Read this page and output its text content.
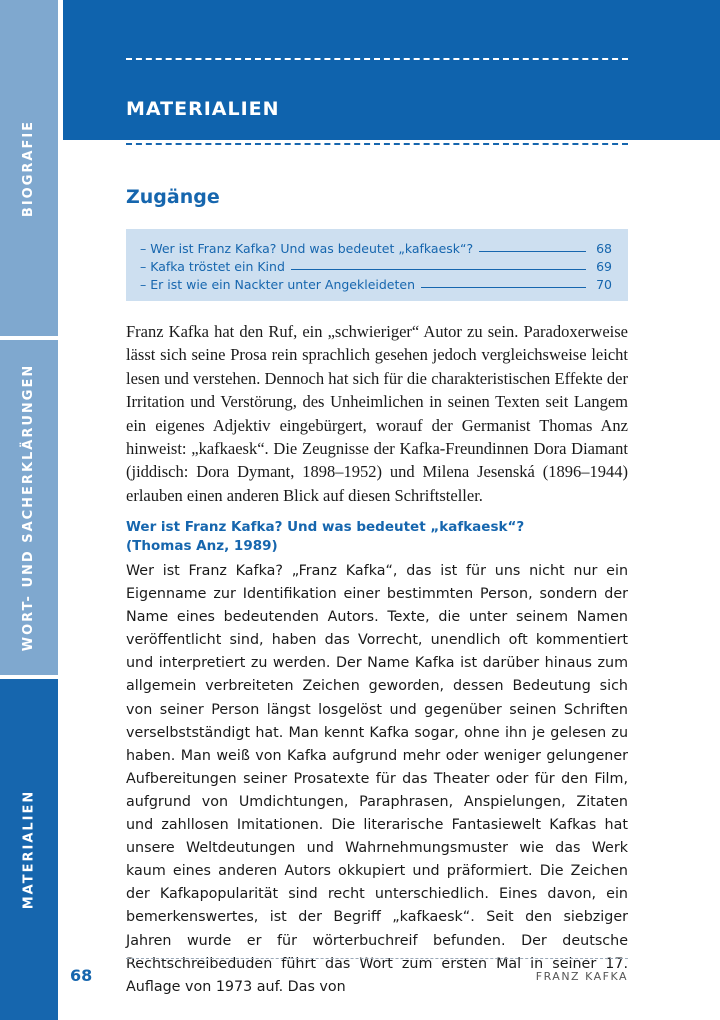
BIOGRAFIE
WORT- UND SACHERKLÄRUNGEN
MATERIALIEN
MATERIALIEN
Zugänge
– Wer ist Franz Kafka? Und was bedeutet „kafkaesk“?	68
– Kafka tröstet ein Kind	69
– Er ist wie ein Nackter unter Angekleideten	70

Franz Kafka hat den Ruf, ein „schwieriger“ Autor zu sein. Paradoxerweise lässt sich seine Prosa rein sprachlich gesehen jedoch vergleichsweise leicht lesen und verstehen. Dennoch hat sich für die charakteristischen Effekte der Irritation und Verstörung, des Unheimlichen in seinen Texten seit Langem ein eigenes Adjektiv eingebürgert, worauf der Germanist Thomas Anz hinweist: „kafkaesk“. Die Zeugnisse der Kafka-Freundinnen Dora Diamant (jiddisch: Dora Dymant, 1898–1952) und Milena Jesenská (1896–1944) erlauben einen anderen Blick auf diesen Schriftsteller.

Wer ist Franz Kafka? Und was bedeutet „kafkaesk“?
(Thomas Anz, 1989)

Wer ist Franz Kafka? „Franz Kafka“, das ist für uns nicht nur ein Eigenname zur Identifikation einer bestimmten Person, sondern der Name eines bedeutenden Autors. Texte, die unter seinem Namen veröffentlicht sind, haben das Vorrecht, unendlich oft kommentiert und interpretiert zu werden. Der Name Kafka ist darüber hinaus zum allgemein verbreiteten Zeichen geworden, dessen Bedeutung sich von seiner Person längst losgelöst und gegenüber seinen Schriften verselbstständigt hat. Man kennt Kafka sogar, ohne ihn je gelesen zu haben. Man weiß von Kafka aufgrund mehr oder weniger gelungener Aufbereitungen seiner Prosatexte für das Theater oder für den Film, aufgrund von Umdichtungen, Paraphrasen, Anspielungen, Zitaten und zahllosen Imitationen. Die literarische Fantasiewelt Kafkas hat unsere Weltdeutungen und Wahrnehmungsmuster wie das Werk kaum eines anderen Autors okkupiert und präformiert. Die Zeichen der Kafkapopularität sind recht unterschiedlich. Eines davon, ein bemerkenswertes, ist der Begriff „kafkaesk“. Seit den siebziger Jahren wurde er für wörterbuchreif befunden. Der deutsche Rechtschreibeduden führt das Wort zum ersten Mal in seiner 17. Auflage von 1973 auf. Das von

68	FRANZ KAFKA
